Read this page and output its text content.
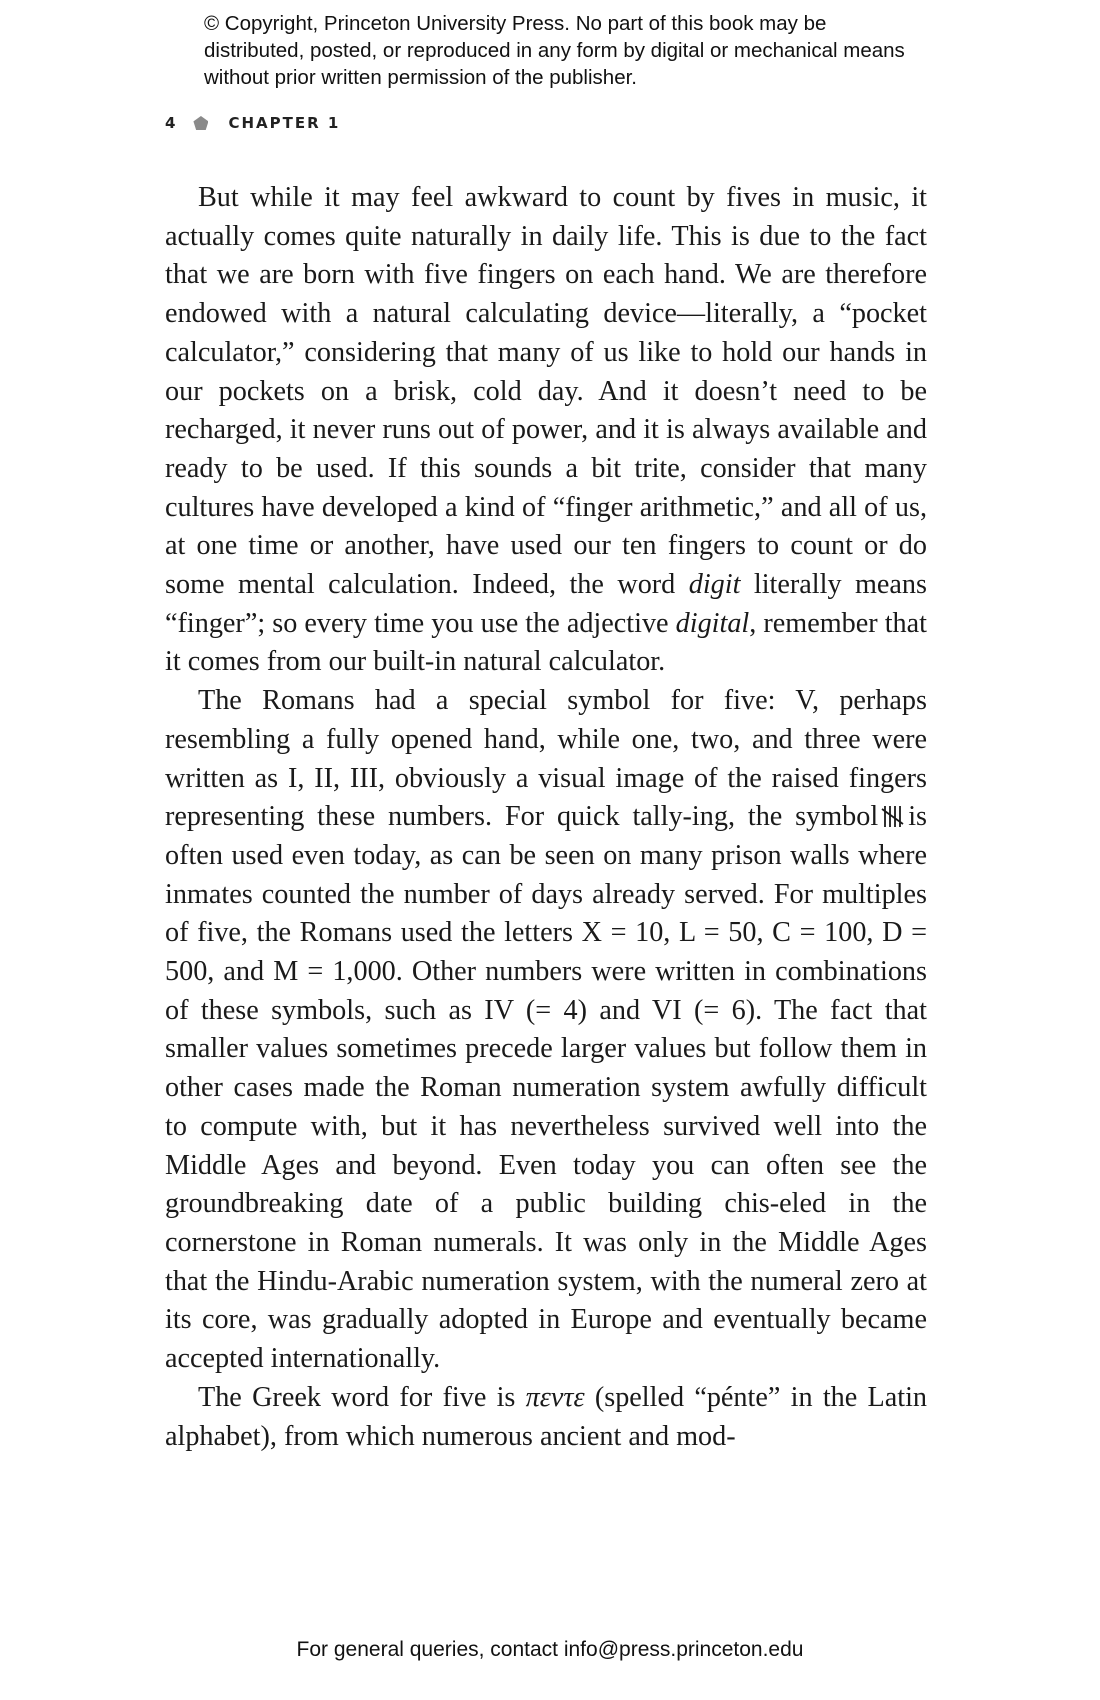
© Copyright, Princeton University Press. No part of this book may be distributed, posted, or reproduced in any form by digital or mechanical means without prior written permission of the publisher.
4	CHAPTER 1

But while it may feel awkward to count by fives in music, it actually comes quite naturally in daily life. This is due to the fact that we are born with five fingers on each hand. We are therefore endowed with a natural calculating device—literally, a “pocket calculator,” considering that many of us like to hold our hands in our pockets on a brisk, cold day. And it doesn’t need to be recharged, it never runs out of power, and it is always available and ready to be used. If this sounds a bit trite, consider that many cultures have developed a kind of “finger arithmetic,” and all of us, at one time or another, have used our ten fingers to count or do some mental calculation. Indeed, the word digit literally means “finger”; so every time you use the adjective digital, remember that it comes from our built-in natural calculator.

The Romans had a special symbol for five: V, perhaps resembling a fully opened hand, while one, two, and three were written as I, II, III, obviously a visual image of the raised fingers representing these numbers. For quick tally-ing, the symbol is often used even today, as can be seen on many prison walls where inmates counted the number of days already served. For multiples of five, the Romans used the letters X = 10, L = 50, C = 100, D = 500, and M = 1,000. Other numbers were written in combinations of these symbols, such as IV (= 4) and VI (= 6). The fact that smaller values sometimes precede larger values but follow them in other cases made the Roman numeration system awfully difficult to compute with, but it has nevertheless survived well into the Middle Ages and beyond. Even today you can often see the groundbreaking date of a public building chis-eled in the cornerstone in Roman numerals. It was only in the Middle Ages that the Hindu-Arabic numeration system, with the numeral zero at its core, was gradually adopted in Europe and eventually became accepted internationally.

The Greek word for five is πεντε (spelled “pénte” in the Latin alphabet), from which numerous ancient and mod-

For general queries, contact info@press.princeton.edu
